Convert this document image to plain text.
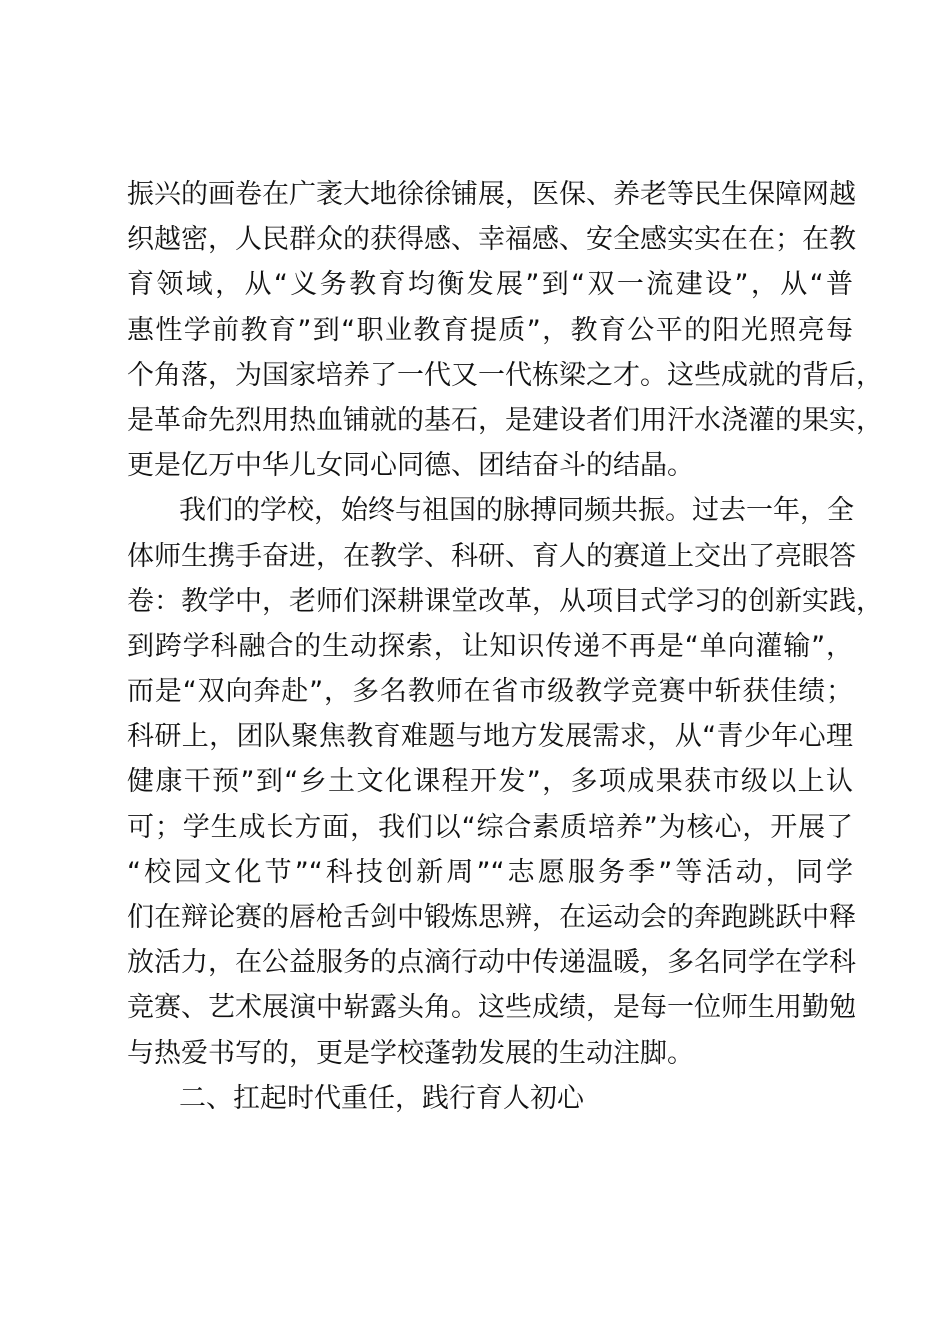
振兴的画卷在广袤大地徐徐铺展，医保、养老等民生保障网越
织越密，人民群众的获得感、幸福感、安全感实实在在；在教
育领域，从“义务教育均衡发展”到“双一流建设”，从“普
惠性学前教育”到“职业教育提质”，教育公平的阳光照亮每
个角落，为国家培养了一代又一代栋梁之才。这些成就的背后，
是革命先烈用热血铺就的基石，是建设者们用汗水浇灌的果实，
更是亿万中华儿女同心同德、团结奋斗的结晶。
我们的学校，始终与祖国的脉搏同频共振。过去一年，全
体师生携手奋进，在教学、科研、育人的赛道上交出了亮眼答
卷：教学中，老师们深耕课堂改革，从项目式学习的创新实践，
到跨学科融合的生动探索，让知识传递不再是“单向灌输”，
而是“双向奔赴”，多名教师在省市级教学竞赛中斩获佳绩；
科研上，团队聚焦教育难题与地方发展需求，从“青少年心理
健康干预”到“乡土文化课程开发”，多项成果获市级以上认
可；学生成长方面，我们以“综合素质培养”为核心，开展了
“校园文化节”“科技创新周”“志愿服务季”等活动，同学
们在辩论赛的唇枪舌剑中锻炼思辨，在运动会的奔跑跳跃中释
放活力，在公益服务的点滴行动中传递温暖，多名同学在学科
竞赛、艺术展演中崭露头角。这些成绩，是每一位师生用勤勉
与热爱书写的，更是学校蓬勃发展的生动注脚。
二、扛起时代重任，践行育人初心
